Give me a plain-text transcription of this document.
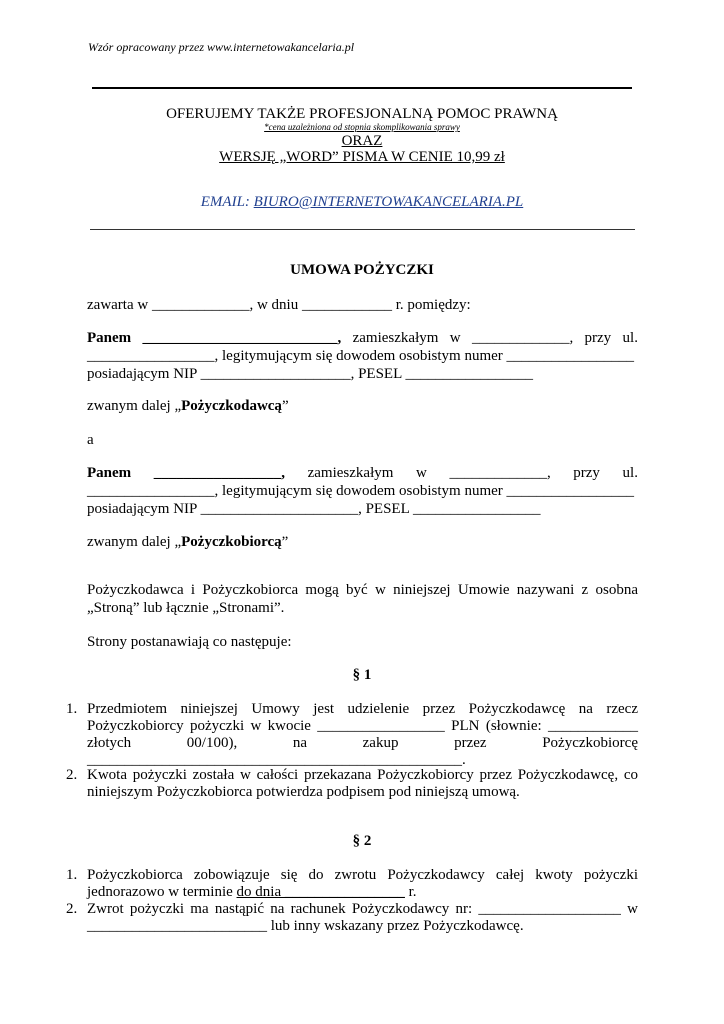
Wzór opracowany przez www.internetowakancelaria.pl
OFERUJEMY TAKŻE PROFESJONALNĄ POMOC PRAWNĄ
*cena uzależniona od stopnia skomplikowania sprawy
ORAZ
WERSJĘ „WORD” PISMA W CENIE 10,99 zł
EMAIL: BIURO@INTERNETOWAKANCELARIA.PL
UMOWA POŻYCZKI
zawarta w _____________, w dniu ____________ r. pomiędzy:
Panem __________________________, zamieszkałym w _____________, przy ul.
_________________, legitymującym się dowodem osobistym numer _________________
posiadającym NIP ____________________, PESEL _________________
zwanym dalej „Pożyczkodawcą”
a
Panem _________________, zamieszkałym w _____________, przy ul.
_________________, legitymującym się dowodem osobistym numer _________________
posiadającym NIP _____________________, PESEL _________________
zwanym dalej „Pożyczkobiorcą”
Pożyczkodawca i Pożyczkobiorca mogą być w niniejszej Umowie nazywani z osobna
„Stroną” lub łącznie „Stronami”.
Strony postanawiają co następuje:
§ 1
1. Przedmiotem niniejszej Umowy jest udzielenie przez Pożyczkodawcę na rzecz
Pożyczkobiorcy pożyczki w kwocie _________________ PLN (słownie: ____________
złotych 00/100), na zakup przez Pożyczkobiorcę
__________________________________________________.
2. Kwota pożyczki została w całości przekazana Pożyczkobiorcy przez Pożyczkodawcę, co
niniejszym Pożyczkobiorca potwierdza podpisem pod niniejszą umową.
§ 2
1. Pożyczkobiorca zobowiązuje się do zwrotu Pożyczkodawcy całej kwoty pożyczki
jednorazowo w terminie do dnia ________________ r.
2. Zwrot pożyczki ma nastąpić na rachunek Pożyczkodawcy nr: ___________________ w
________________________ lub inny wskazany przez Pożyczkodawcę.
